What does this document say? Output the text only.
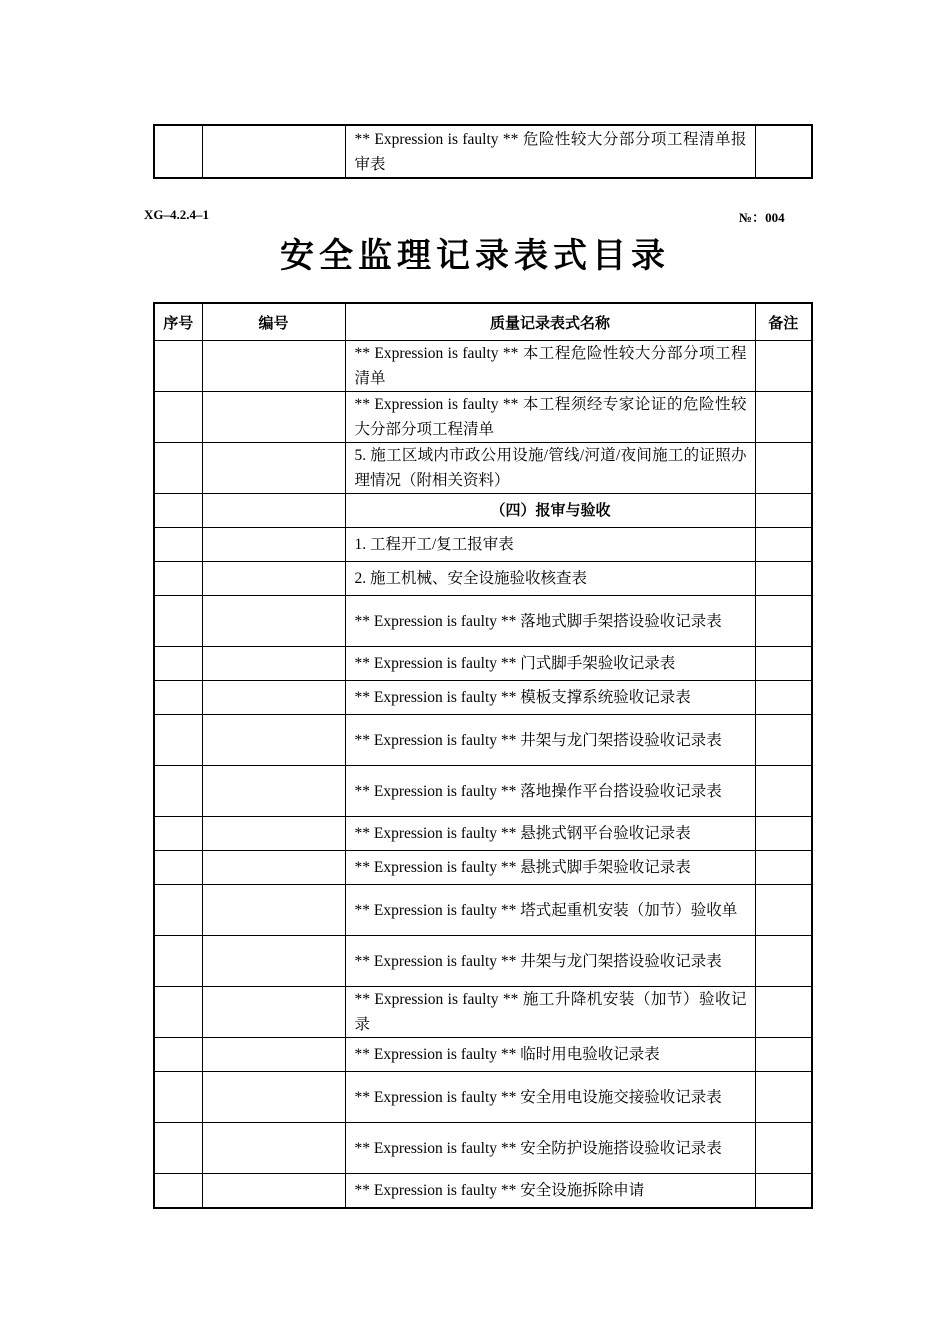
		** Expression is faulty ** 危险性较大分部分项工程清单报审表	
XG–4.2.4–1	№：004
安全监理记录表式目录
序号	编号	质量记录表式名称	备注
		** Expression is faulty ** 本工程危险性较大分部分项工程清单	
		** Expression is faulty ** 本工程须经专家论证的危险性较大分部分项工程清单	
		5. 施工区域内市政公用设施/管线/河道/夜间施工的证照办理情况（附相关资料）	
		（四）报审与验收	
		1. 工程开工/复工报审表	
		2. 施工机械、安全设施验收核查表	
		** Expression is faulty ** 落地式脚手架搭设验收记录表	
		** Expression is faulty ** 门式脚手架验收记录表	
		** Expression is faulty ** 模板支撑系统验收记录表	
		** Expression is faulty ** 井架与龙门架搭设验收记录表	
		** Expression is faulty ** 落地操作平台搭设验收记录表	
		** Expression is faulty ** 悬挑式钢平台验收记录表	
		** Expression is faulty ** 悬挑式脚手架验收记录表	
		** Expression is faulty ** 塔式起重机安装（加节）验收单	
		** Expression is faulty ** 井架与龙门架搭设验收记录表	
		** Expression is faulty ** 施工升降机安装（加节）验收记录	
		** Expression is faulty ** 临时用电验收记录表	
		** Expression is faulty ** 安全用电设施交接验收记录表	
		** Expression is faulty ** 安全防护设施搭设验收记录表	
		** Expression is faulty ** 安全设施拆除申请	
